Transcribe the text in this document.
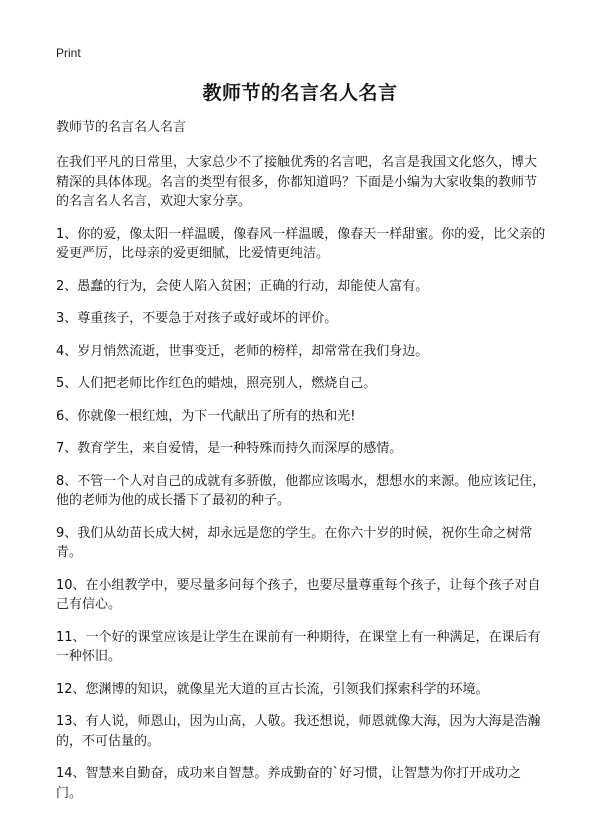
Print
教师节的名言名人名言

教师节的名言名人名言

在我们平凡的日常里，大家总少不了接触优秀的名言吧，名言是我国文化悠久，博大精深的具体体现。名言的类型有很多，你都知道吗？下面是小编为大家收集的教师节的名言名人名言，欢迎大家分享。

1、你的爱，像太阳一样温暖，像春风一样温暖，像春天一样甜蜜。你的爱，比父亲的爱更严厉，比母亲的爱更细腻，比爱情更纯洁。

2、愚蠢的行为，会使人陷入贫困；正确的行动，却能使人富有。

3、尊重孩子，不要急于对孩子或好或坏的评价。

4、岁月悄然流逝，世事变迁，老师的榜样，却常常在我们身边。

5、人们把老师比作红色的蜡烛，照亮别人，燃烧自己。

6、你就像一根红烛，为下一代献出了所有的热和光!

7、教育学生，来自爱情，是一种特殊而持久而深厚的感情。

8、不管一个人对自己的成就有多骄傲，他都应该喝水，想想水的来源。他应该记住，他的老师为他的成长播下了最初的种子。

9、我们从幼苗长成大树，却永远是您的学生。在你六十岁的时候，祝你生命之树常青。

10、在小组教学中，要尽量多问每个孩子，也要尽量尊重每个孩子，让每个孩子对自己有信心。

11、一个好的课堂应该是让学生在课前有一种期待，在课堂上有一种满足，在课后有一种怀旧。

12、您渊博的知识，就像星光大道的亘古长流，引领我们探索科学的环境。

13、有人说，师恩山，因为山高，人敬。我还想说，师恩就像大海，因为大海是浩瀚的，不可估量的。

14、智慧来自勤奋，成功来自智慧。养成勤奋的`好习惯，让智慧为你打开成功之门。
